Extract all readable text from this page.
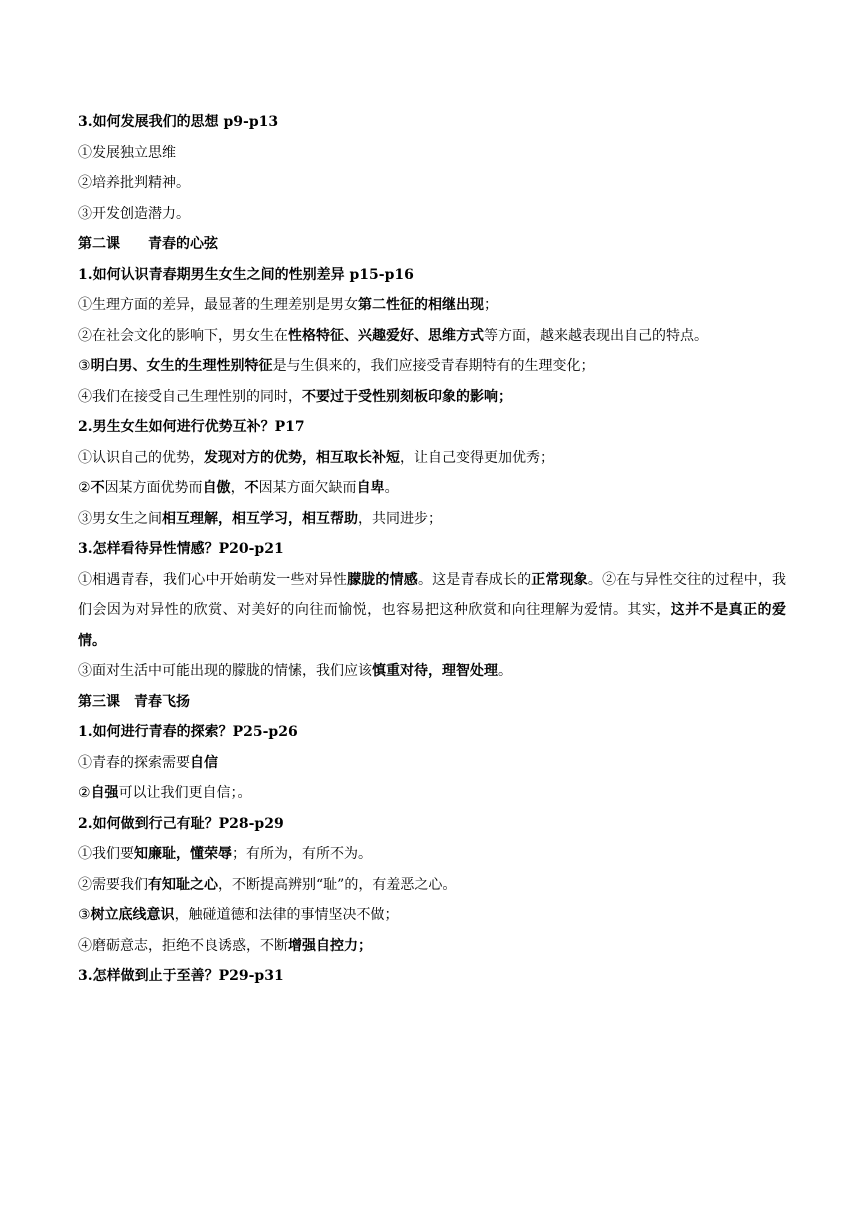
3.如何发展我们的思想 p9-p13
①发展独立思维
②培养批判精神。
③开发创造潜力。
第二课 青春的心弦
1.如何认识青春期男生女生之间的性别差异 p15-p16
①生理方面的差异，最显著的生理差别是男女第二性征的相继出现；
②在社会文化的影响下，男女生在性格特征、兴趣爱好、思维方式等方面，越来越表现出自己的特点。
③明白男、女生的生理性别特征是与生俱来的，我们应接受青春期特有的生理变化；
④我们在接受自己生理性别的同时，不要过于受性别刻板印象的影响；
2.男生女生如何进行优势互补？P17
①认识自己的优势，发现对方的优势，相互取长补短，让自己变得更加优秀；
②不因某方面优势而自傲，不因某方面欠缺而自卑。
③男女生之间相互理解，相互学习，相互帮助，共同进步；
3.怎样看待异性情感？P20-p21
①相遇青春，我们心中开始萌发一些对异性朦胧的情感。这是青春成长的正常现象。②在与异性交往的过程中，我们会因为对异性的欣赏、对美好的向往而愉悦，也容易把这种欣赏和向往理解为爱情。其实，这并不是真正的爱情。
③面对生活中可能出现的朦胧的情愫，我们应该慎重对待，理智处理。
第三课 青春飞扬
1.如何进行青春的探索？P25-p26
①青春的探索需要自信
②自强可以让我们更自信；。
2.如何做到行己有耻？P28-p29
①我们要知廉耻，懂荣辱；有所为，有所不为。
②需要我们有知耻之心，不断提高辨别“耻”的，有羞恶之心。
③树立底线意识，触碰道德和法律的事情坚决不做；
④磨砺意志，拒绝不良诱惑，不断增强自控力；
3.怎样做到止于至善？P29-p31
